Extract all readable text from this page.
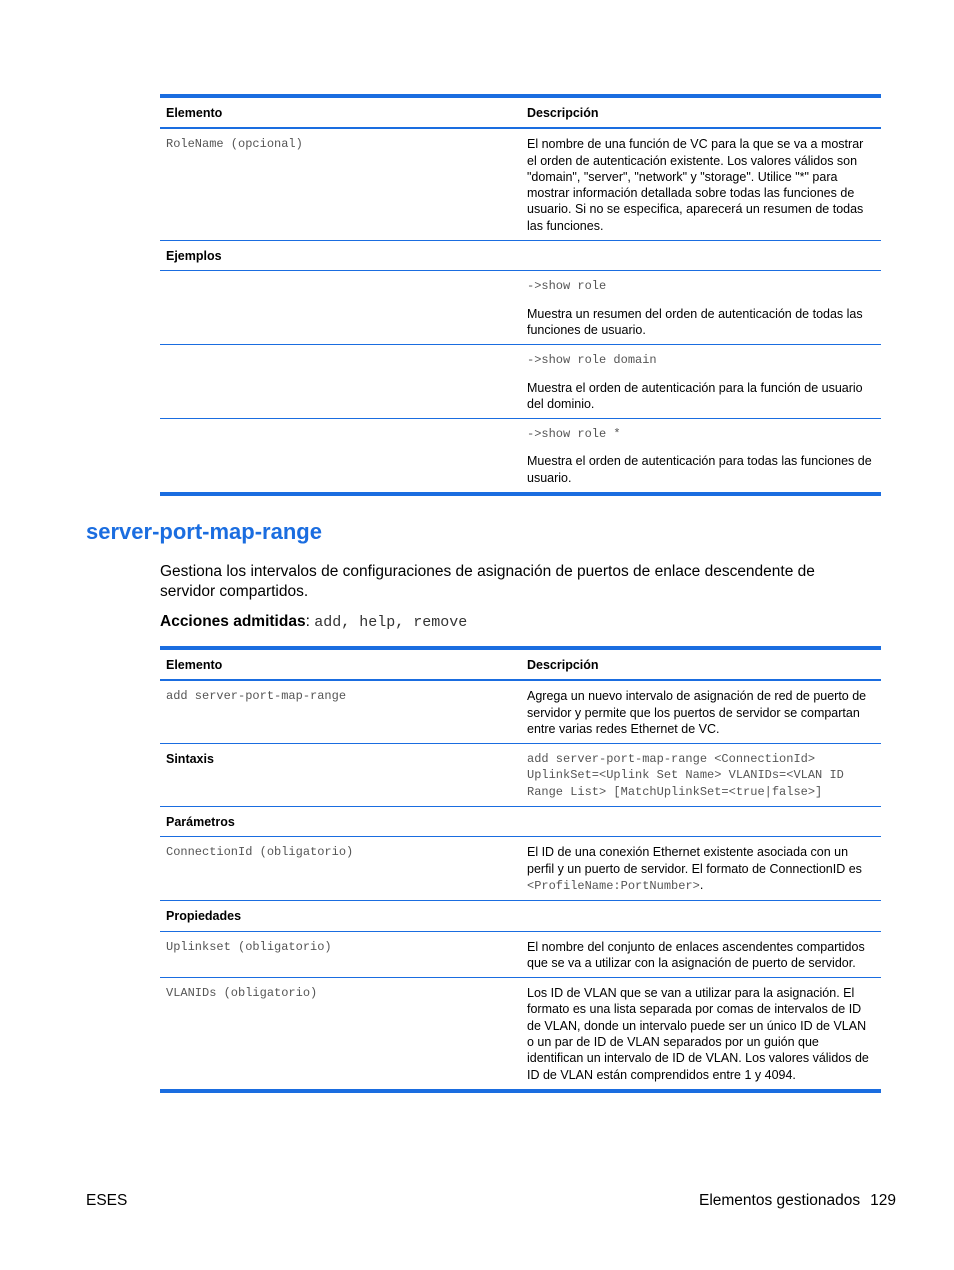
Elemento	Descripción
RoleName (opcional)	El nombre de una función de VC para la que se va a mostrar el orden de autenticación existente. Los valores válidos son "domain", "server", "network" y "storage". Utilice "*" para mostrar información detallada sobre todas las funciones de usuario. Si no se especifica, aparecerá un resumen de todas las funciones.
Ejemplos	

	->show role
Muestra un resumen del orden de autenticación de todas las funciones de usuario.

	->show role domain
Muestra el orden de autenticación para la función de usuario del dominio.

	->show role *
Muestra el orden de autenticación para todas las funciones de usuario.
server-port-map-range

Gestiona los intervalos de configuraciones de asignación de puertos de enlace descendente de servidor compartidos.

Acciones admitidas: add, help, remove

Elemento	Descripción
add server-port-map-range	Agrega un nuevo intervalo de asignación de red de puerto de servidor y permite que los puertos de servidor se compartan entre varias redes Ethernet de VC.
Sintaxis	add server-port-map-range <ConnectionId> UplinkSet=<Uplink Set Name> VLANIDs=<VLAN ID Range List> [MatchUplinkSet=<true|false>]
Parámetros	
ConnectionId (obligatorio)	El ID de una conexión Ethernet existente asociada con un perfil y un puerto de servidor. El formato de ConnectionID es <ProfileName:PortNumber>.
Propiedades	
Uplinkset (obligatorio)	El nombre del conjunto de enlaces ascendentes compartidos que se va a utilizar con la asignación de puerto de servidor.
VLANIDs (obligatorio)	Los ID de VLAN que se van a utilizar para la asignación. El formato es una lista separada por comas de intervalos de ID de VLAN, donde un intervalo puede ser un único ID de VLAN o un par de ID de VLAN separados por un guión que identifican un intervalo de ID de VLAN. Los valores válidos de ID de VLAN están comprendidos entre 1 y 4094.
ESES	Elementos gestionados 129
